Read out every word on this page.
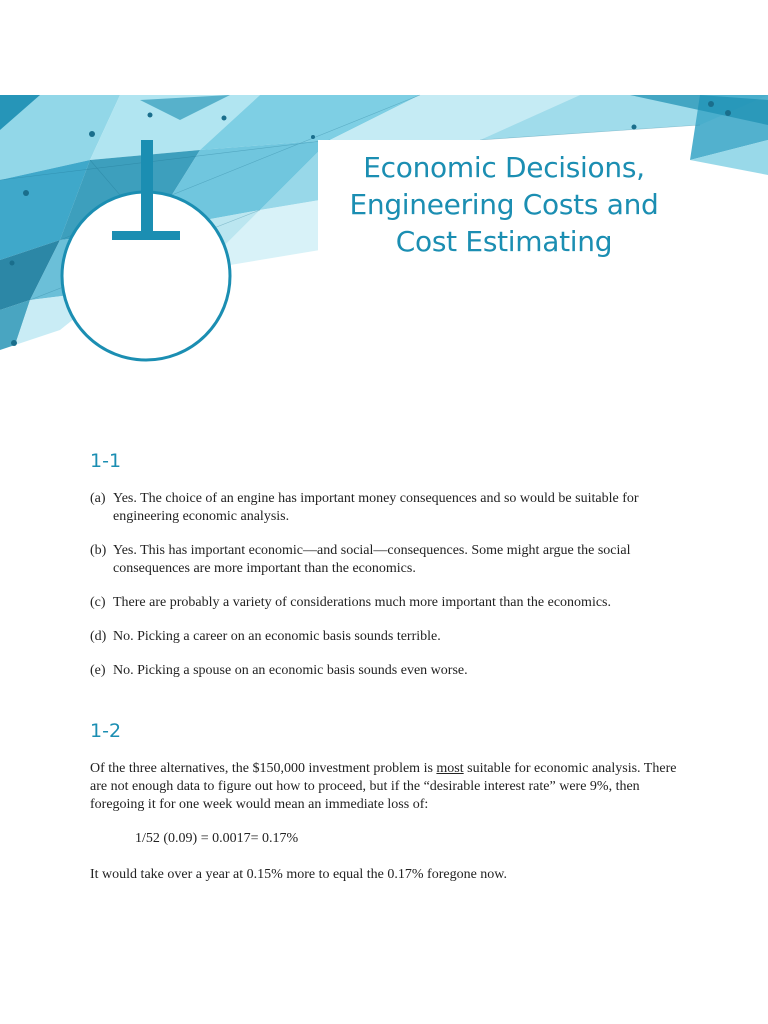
Economic Decisions,
Engineering Costs and
Cost Estimating
1-1
(a) Yes. The choice of an engine has important money consequences and so would be suitable for engineering economic analysis.
(b) Yes. This has important economic—and social—consequences. Some might argue the social consequences are more important than the economics.
(c) There are probably a variety of considerations much more important than the economics.
(d) No. Picking a career on an economic basis sounds terrible.
(e) No. Picking a spouse on an economic basis sounds even worse.
1-2

Of the three alternatives, the $150,000 investment problem is most suitable for economic analysis. There are not enough data to figure out how to proceed, but if the “desirable interest rate” were 9%, then foregoing it for one week would mean an immediate loss of:

1/52 (0.09) = 0.0017= 0.17%

It would take over a year at 0.15% more to equal the 0.17% foregone now.
